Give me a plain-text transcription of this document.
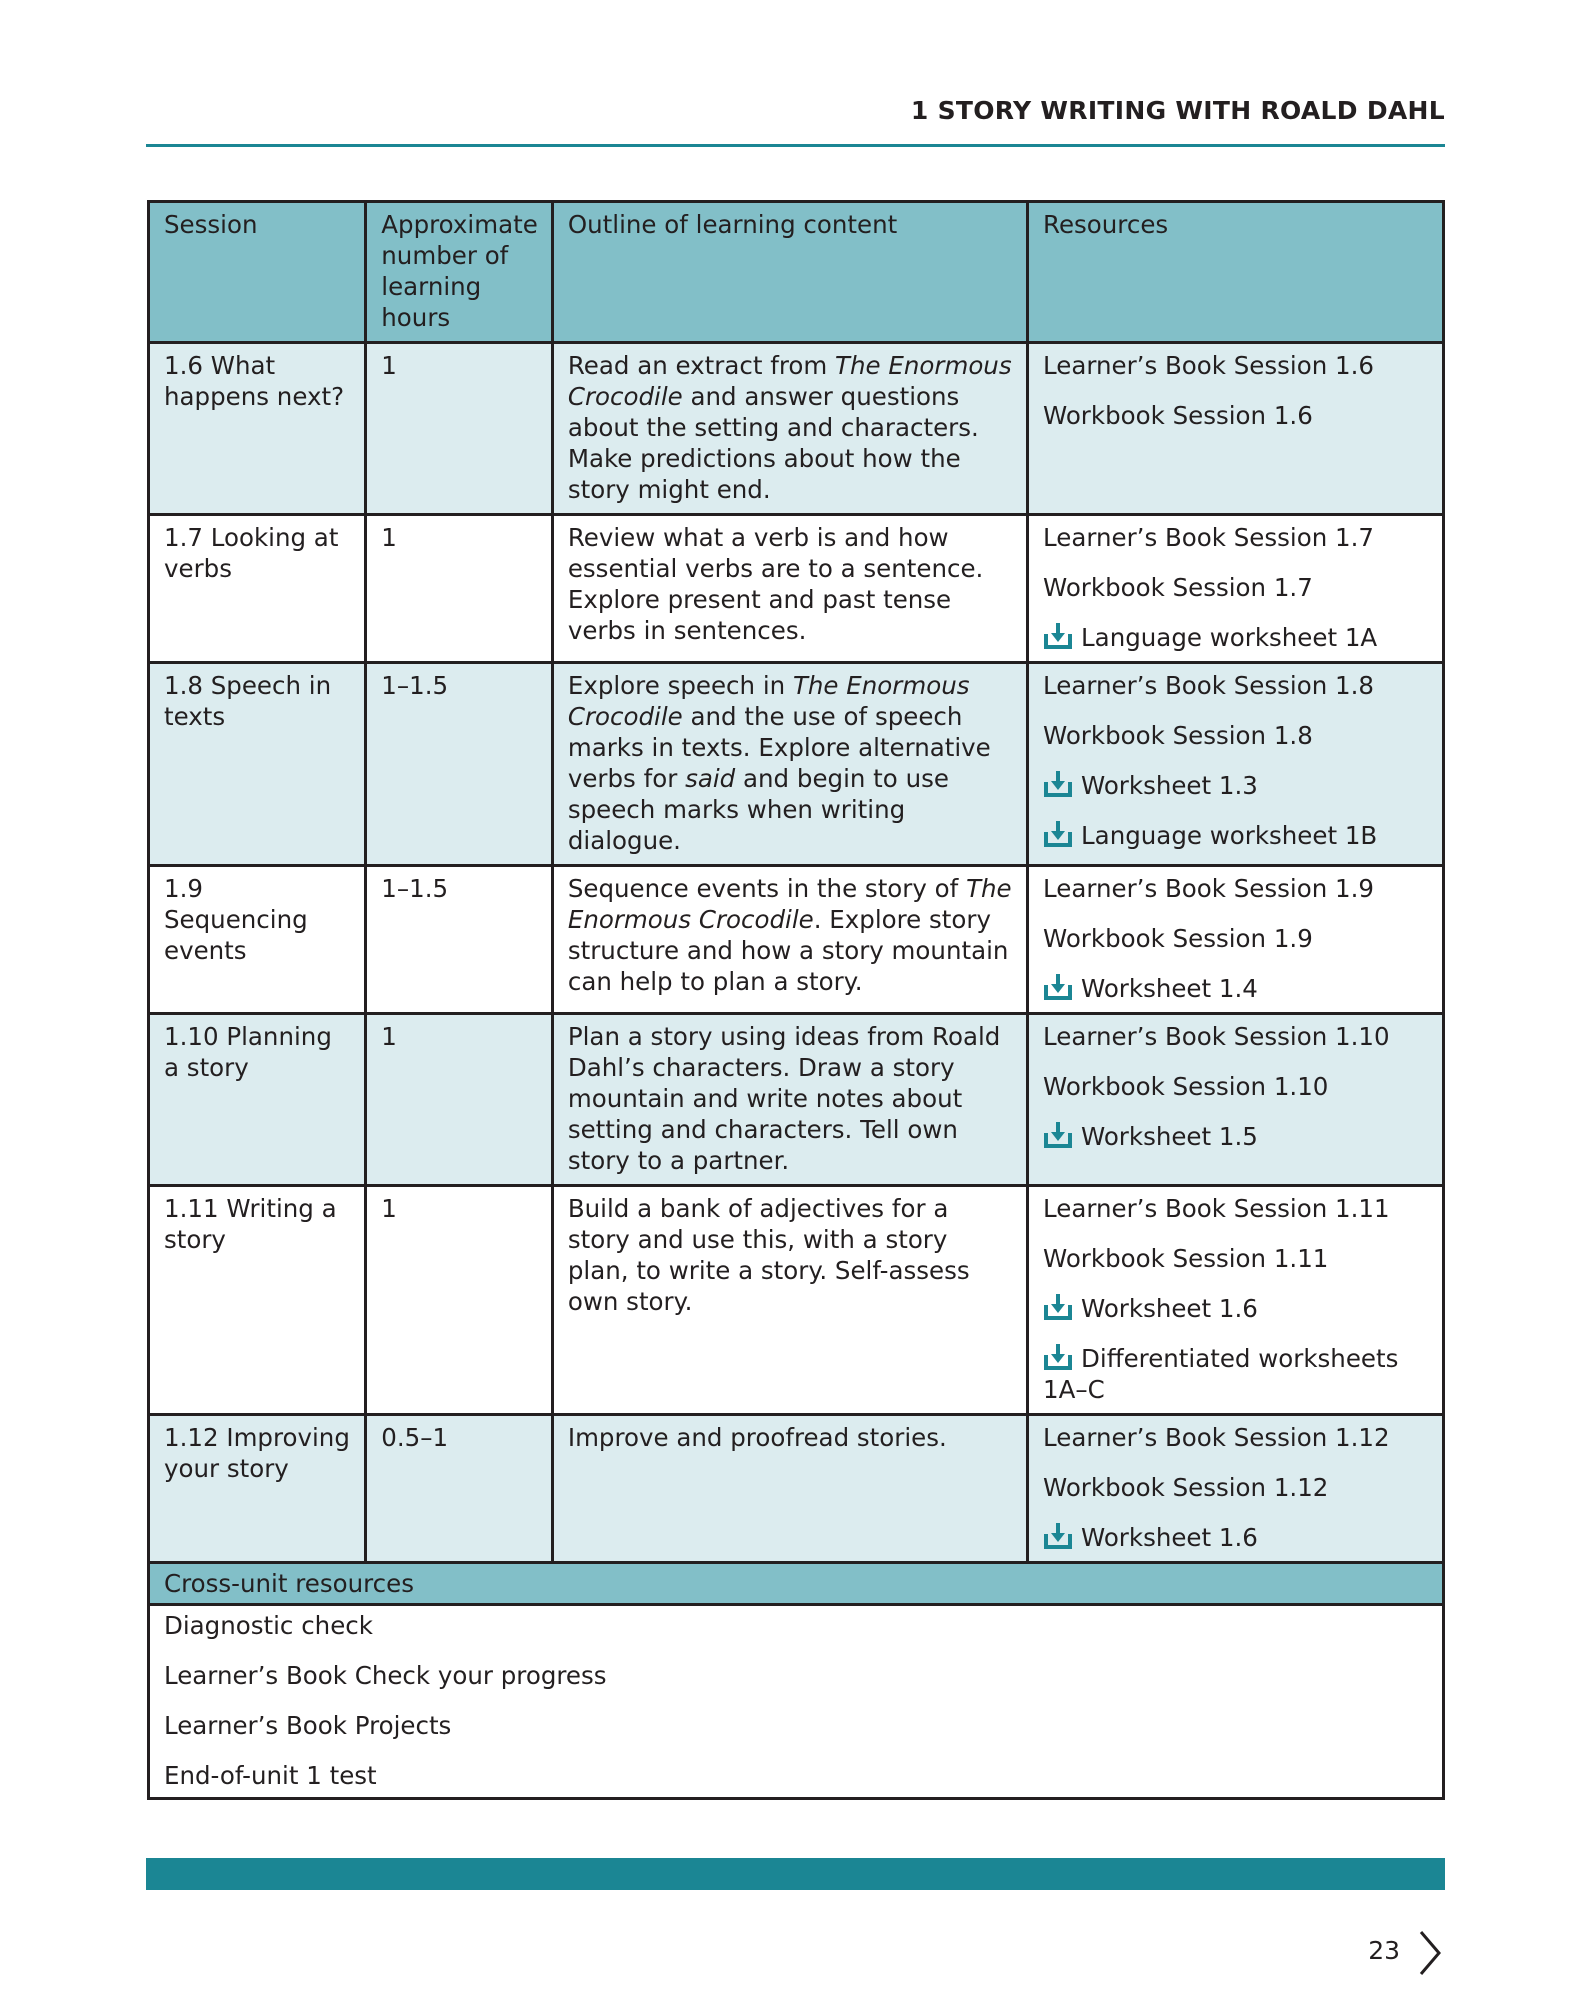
1 STORY WRITING WITH ROALD DAHL
Session	Approximate number of learning hours	Outline of learning content	Resources
1.6 What happens next?	1	Read an extract from The Enormous Crocodile and answer questions about the setting and characters. Make predictions about how the story might end.	Learner’s Book Session 1.6
Workbook Session 1.6

1.7 Looking at verbs	1	Review what a verb is and how essential verbs are to a sentence. Explore present and past tense verbs in sentences.	Learner’s Book Session 1.7
Workbook Session 1.7
Language worksheet 1A

1.8 Speech in texts	1–1.5	Explore speech in The Enormous Crocodile and the use of speech marks in texts. Explore alternative verbs for said and begin to use speech marks when writing dialogue.	Learner’s Book Session 1.8
Workbook Session 1.8
Worksheet 1.3
Language worksheet 1B

1.9 Sequencing events	1–1.5	Sequence events in the story of The Enormous Crocodile. Explore story structure and how a story mountain can help to plan a story.	Learner’s Book Session 1.9
Workbook Session 1.9
Worksheet 1.4

1.10 Planning a story	1	Plan a story using ideas from Roald Dahl’s characters. Draw a story mountain and write notes about setting and characters. Tell own story to a partner.	Learner’s Book Session 1.10
Workbook Session 1.10
Worksheet 1.5

1.11 Writing a story	1	Build a bank of adjectives for a story and use this, with a story plan, to write a story. Self-assess own story.	Learner’s Book Session 1.11
Workbook Session 1.11
Worksheet 1.6
Differentiated worksheets 1A–C

1.12 Improving your story	0.5–1	Improve and proofread stories.	Learner’s Book Session 1.12
Workbook Session 1.12
Worksheet 1.6

Cross-unit resources			

Diagnostic check
Learner’s Book Check your progress
Learner’s Book Projects
End-of-unit 1 test			
23
